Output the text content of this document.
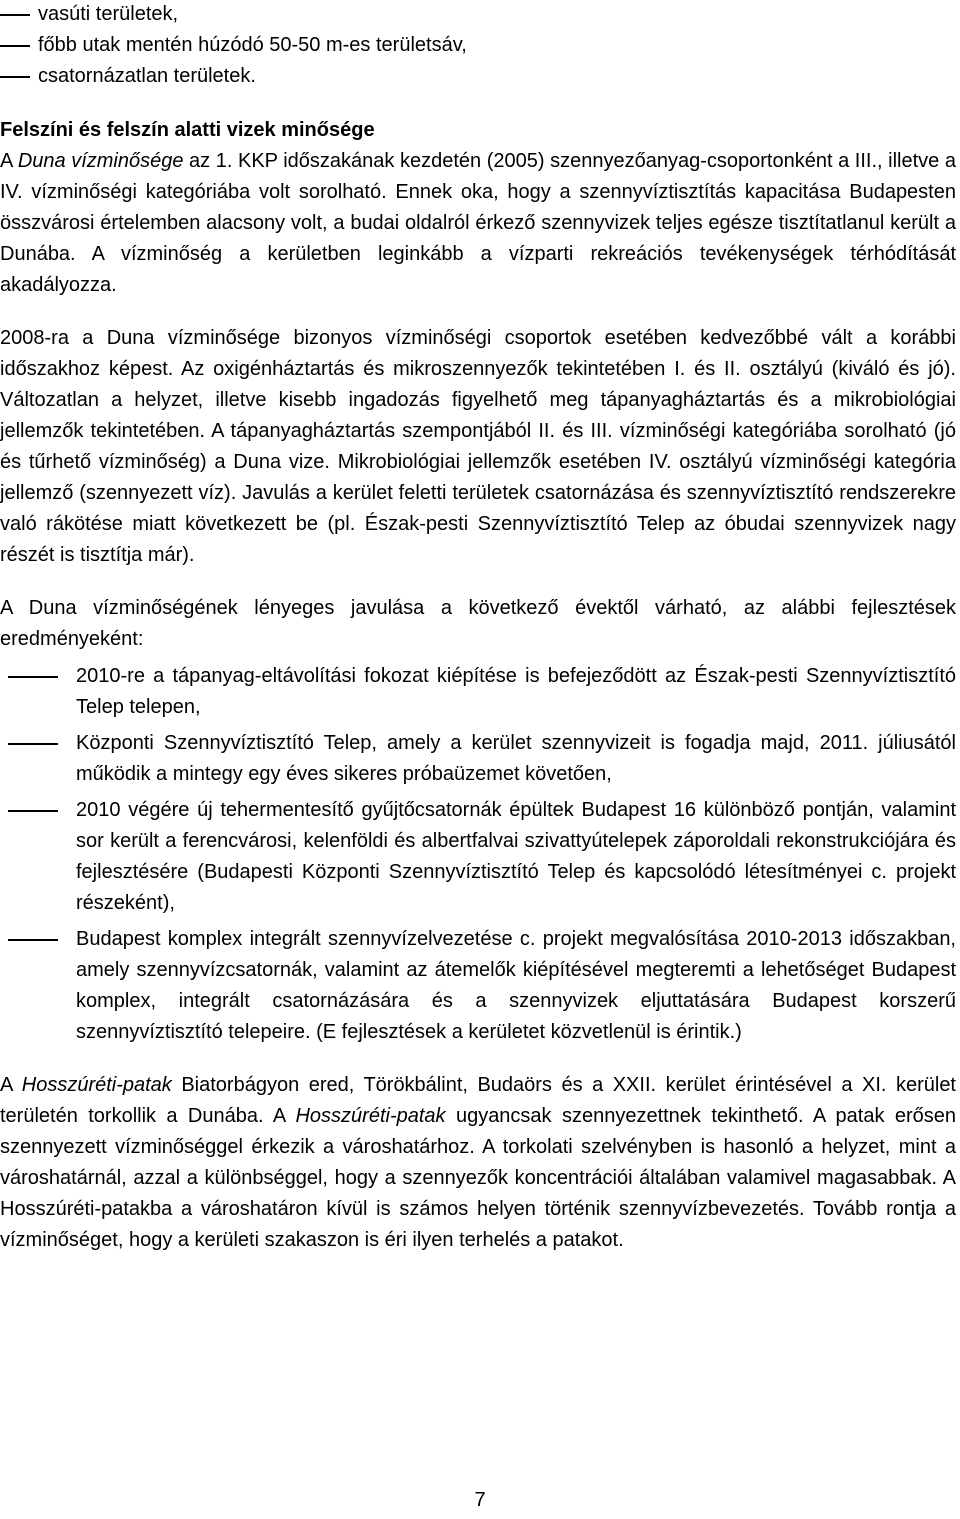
vasúti területek,
főbb utak mentén húzódó 50-50 m-es területsáv,
csatornázatlan területek.
Felszíni és felszín alatti vizek minősége

A Duna vízminősége az 1. KKP időszakának kezdetén (2005) szennyezőanyag-csoportonként a III., illetve a IV. vízminőségi kategóriába volt sorolható. Ennek oka, hogy a szennyvíztisztítás kapacitása Budapesten összvárosi értelemben alacsony volt, a budai oldalról érkező szennyvizek teljes egésze tisztítatlanul került a Dunába. A vízminőség a kerületben leginkább a vízparti rekreációs tevékenységek térhódítását akadályozza.

2008-ra a Duna vízminősége bizonyos vízminőségi csoportok esetében kedvezőbbé vált a korábbi időszakhoz képest. Az oxigénháztartás és mikroszennyezők tekintetében I. és II. osztályú (kiváló és jó). Változatlan a helyzet, illetve kisebb ingadozás figyelhető meg tápanyagháztartás és a mikrobiológiai jellemzők tekintetében. A tápanyagháztartás szempontjából II. és III. vízminőségi kategóriába sorolható (jó és tűrhető vízminőség) a Duna vize. Mikrobiológiai jellemzők esetében IV. osztályú vízminőségi kategória jellemző (szennyezett víz). Javulás a kerület feletti területek csatornázása és szennyvíztisztító rendszerekre való rákötése miatt következett be (pl. Észak-pesti Szennyvíztisztító Telep az óbudai szennyvizek nagy részét is tisztítja már).

A Duna vízminőségének lényeges javulása a következő évektől várható, az alábbi fejlesztések eredményeként:

2010-re a tápanyag-eltávolítási fokozat kiépítése is befejeződött az Észak-pesti Szennyvíztisztító Telep telepen,
Központi Szennyvíztisztító Telep, amely a kerület szennyvizeit is fogadja majd, 2011. júliusától működik a mintegy egy éves sikeres próbaüzemet követően,
2010 végére új tehermentesítő gyűjtőcsatornák épültek Budapest 16 különböző pontján, valamint sor került a ferencvárosi, kelenföldi és albertfalvai szivattyútelepek záporoldali rekonstrukciójára és fejlesztésére (Budapesti Központi Szennyvíztisztító Telep és kapcsolódó létesítményei c. projekt részeként),
Budapest komplex integrált szennyvízelvezetése c. projekt megvalósítása 2010-2013 időszakban, amely szennyvízcsatornák, valamint az átemelők kiépítésével megteremti a lehetőséget Budapest komplex, integrált csatornázására és a szennyvizek eljuttatására Budapest korszerű szennyvíztisztító telepeire. (E fejlesztések a kerületet közvetlenül is érintik.)

A Hosszúréti-patak Biatorbágyon ered, Törökbálint, Budaörs és a XXII. kerület érintésével a XI. kerület területén torkollik a Dunába. A Hosszúréti-patak ugyancsak szennyezettnek tekinthető. A patak erősen szennyezett vízminőséggel érkezik a városhatárhoz. A torkolati szelvényben is hasonló a helyzet, mint a városhatárnál, azzal a különbséggel, hogy a szennyezők koncentrációi általában valamivel magasabbak. A Hosszúréti-patakba a városhatáron kívül is számos helyen történik szennyvízbevezetés. Tovább rontja a vízminőséget, hogy a kerületi szakaszon is éri ilyen terhelés a patakot.

7
